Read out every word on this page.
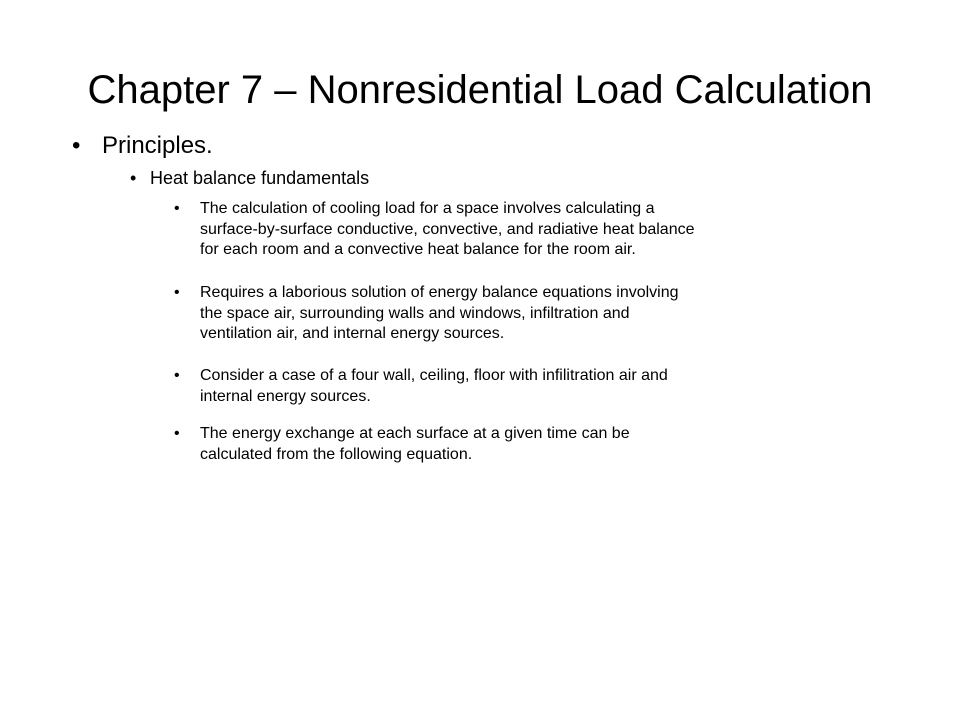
Chapter 7 – Nonresidential Load Calculation
• Principles.
• Heat balance fundamentals
• The calculation of cooling load for a space involves calculating a
surface-by-surface conductive, convective, and radiative heat balance
for each room and a convective heat balance for the room air.
• Requires a laborious solution of energy balance equations involving
the space air, surrounding walls and windows, infiltration and
ventilation air, and internal energy sources.
• Consider a case of a four wall, ceiling, floor with infilitration air and
internal energy sources.
• The energy exchange at each surface at a given time can be
calculated from the following equation.
